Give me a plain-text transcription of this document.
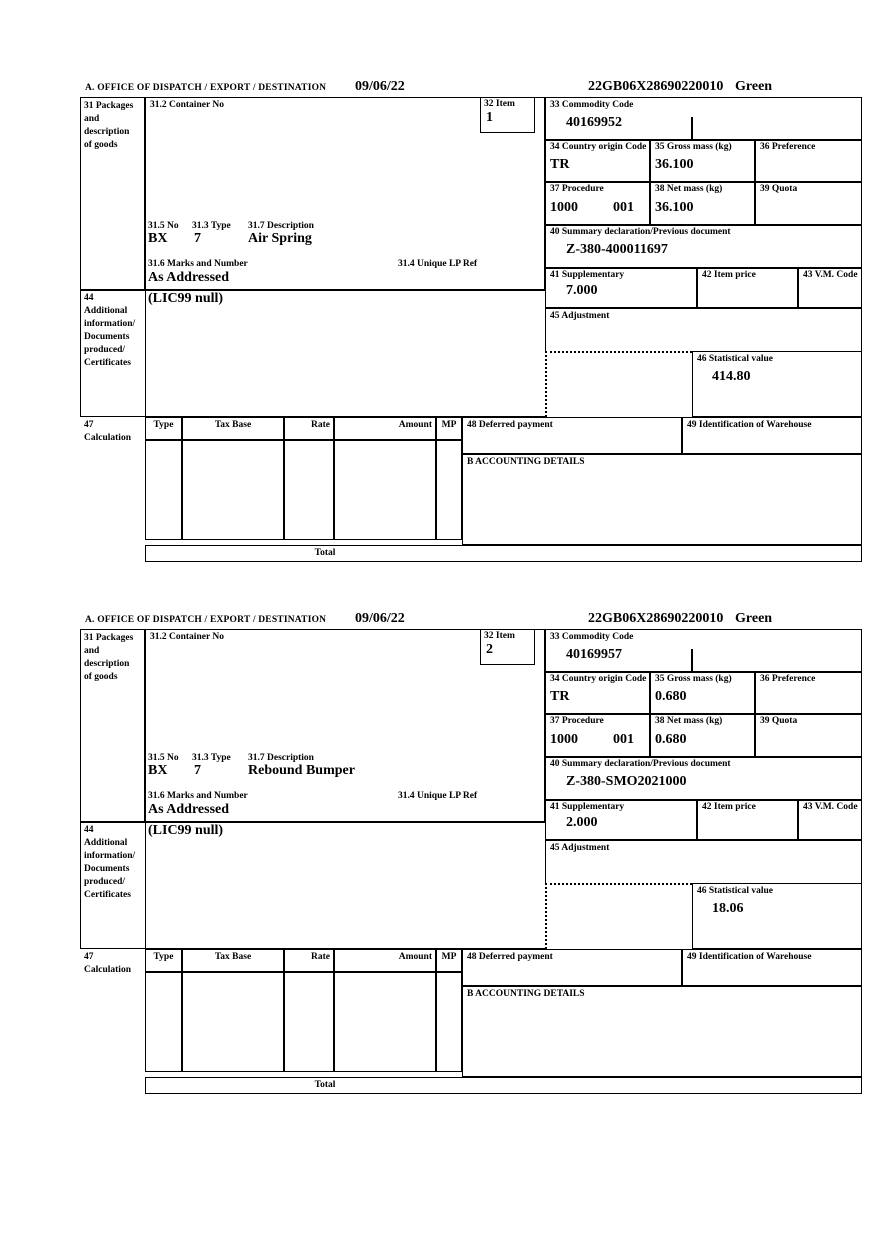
A. OFFICE OF DISPATCH / EXPORT / DESTINATION 09/06/22	22GB06X28690220010 Green
31 Packages
and
description
of goods
44
Additional
information/
Documents
produced/
Certificates
47
Calculation
31.2 Container No	32 Item
1
31.5 No 31.3 Type 31.7 Description
BX 7	Air Spring
31.6 Marks and Number	31.4 Unique LP Ref
As Addressed
(LIC99 null)
33 Commodity Code
40169952
34 Country origin Code
TR
35 Gross mass (kg)
36.100
36 Preference
37 Procedure
1000	001
38 Net mass (kg)
36.100
39 Quota
40 Summary declaration/Previous document
Z-380-400011697
41 Supplementary
7.000
42 Item price	43 V.M. Code
45 Adjustment
46 Statistical value
414.80
Type	Tax Base	Rate	Amount	MP	48 Deferred payment	49 Identification of Warehouse
B ACCOUNTING DETAILS
Total
A. OFFICE OF DISPATCH / EXPORT / DESTINATION 09/06/22	22GB06X28690220010 Green
31 Packages
and
description
of goods
44
Additional
information/
Documents
produced/
Certificates
47
Calculation
31.2 Container No	32 Item
2
31.5 No 31.3 Type 31.7 Description
BX 7	Rebound Bumper
31.6 Marks and Number	31.4 Unique LP Ref
As Addressed
(LIC99 null)
33 Commodity Code
40169957
34 Country origin Code
TR
35 Gross mass (kg)
0.680
36 Preference
37 Procedure
1000	001
38 Net mass (kg)
0.680
39 Quota
40 Summary declaration/Previous document
Z-380-SMO2021000
41 Supplementary
2.000
42 Item price	43 V.M. Code
45 Adjustment
46 Statistical value
18.06
Type	Tax Base	Rate	Amount	MP	48 Deferred payment	49 Identification of Warehouse
B ACCOUNTING DETAILS
Total
